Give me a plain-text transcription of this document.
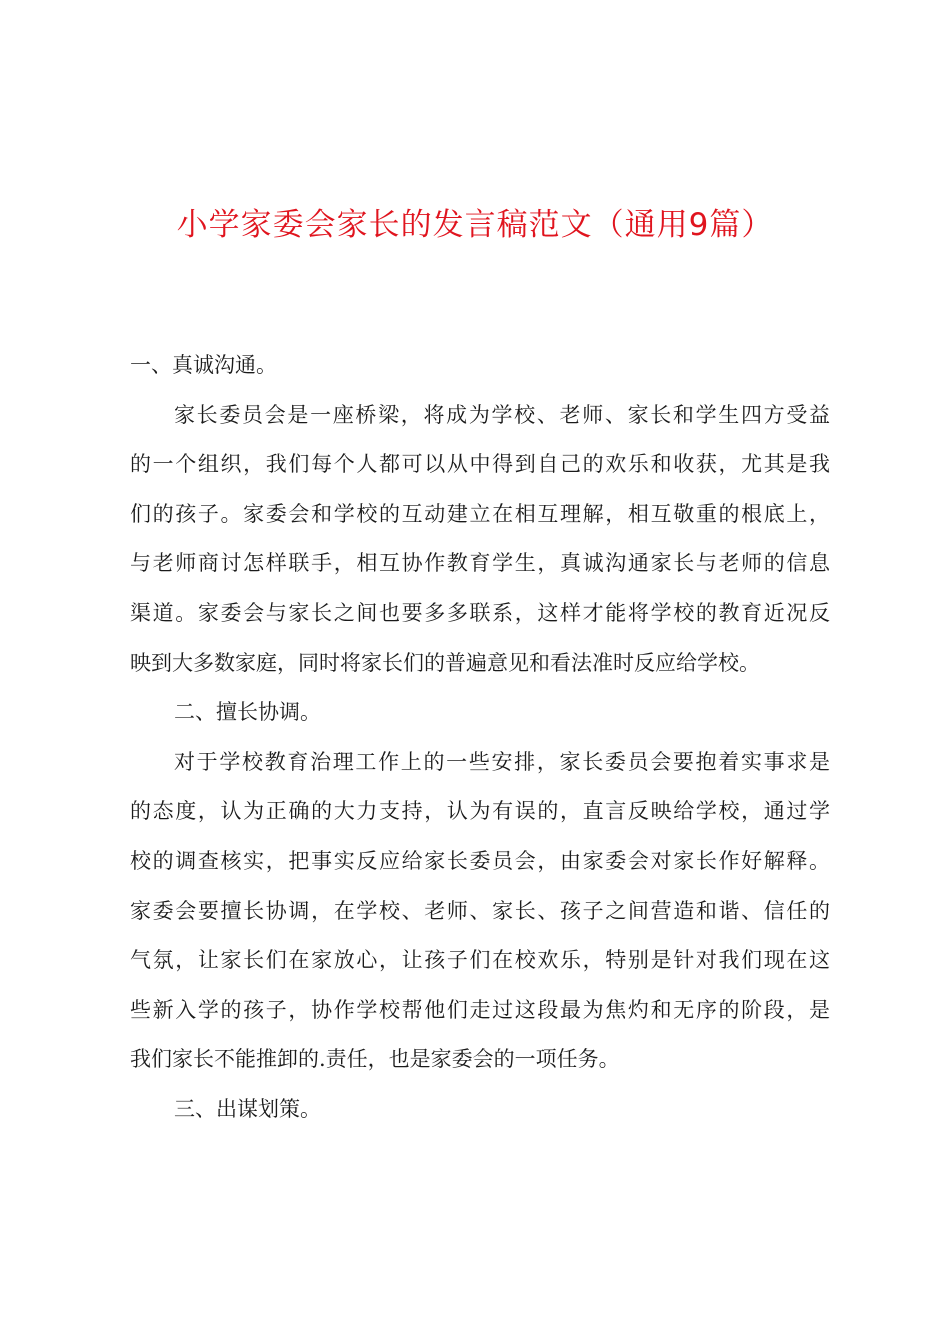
小学家委会家长的发言稿范文（通用9篇）
一、真诚沟通。
家长委员会是一座桥梁，将成为学校、老师、家长和学生四方受益
的一个组织，我们每个人都可以从中得到自己的欢乐和收获，尤其是我
们的孩子。家委会和学校的互动建立在相互理解，相互敬重的根底上，
与老师商讨怎样联手，相互协作教育学生，真诚沟通家长与老师的信息
渠道。家委会与家长之间也要多多联系，这样才能将学校的教育近况反
映到大多数家庭，同时将家长们的普遍意见和看法准时反应给学校。
二、擅长协调。
对于学校教育治理工作上的一些安排，家长委员会要抱着实事求是
的态度，认为正确的大力支持，认为有误的，直言反映给学校，通过学
校的调查核实，把事实反应给家长委员会，由家委会对家长作好解释。
家委会要擅长协调，在学校、老师、家长、孩子之间营造和谐、信任的
气氛，让家长们在家放心，让孩子们在校欢乐，特别是针对我们现在这
些新入学的孩子，协作学校帮他们走过这段最为焦灼和无序的阶段，是
我们家长不能推卸的.责任，也是家委会的一项任务。
三、出谋划策。
